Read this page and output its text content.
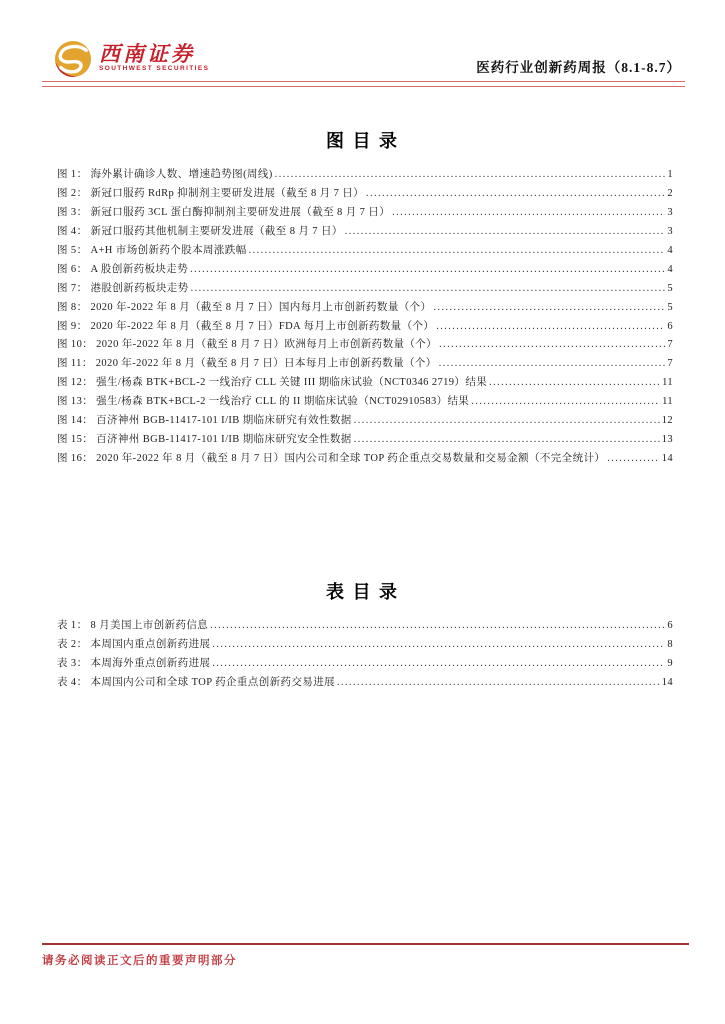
西南证券
SOUTHWEST SECURITIES	医药行业创新药周报（8.1-8.7）
图 目 录
图 1： 海外累计确诊人数、增速趋势图(周线) .....	1
图 2： 新冠口服药 RdRp 抑制剂主要研发进展（截至 8 月 7 日） .....	2
图 3： 新冠口服药 3CL 蛋白酶抑制剂主要研发进展（截至 8 月 7 日） .....	3
图 4： 新冠口服药其他机制主要研发进展（截至 8 月 7 日） .....	3
图 5： A+H 市场创新药个股本周涨跌幅 .....	4
图 6： A 股创新药板块走势 .....	4
图 7： 港股创新药板块走势 .....	5
图 8： 2020 年-2022 年 8 月（截至 8 月 7 日）国内每月上市创新药数量（个） .....	5
图 9： 2020 年-2022 年 8 月（截至 8 月 7 日）FDA 每月上市创新药数量（个） .....	6
图 10： 2020 年-2022 年 8 月（截至 8 月 7 日）欧洲每月上市创新药数量（个） .....	7
图 11： 2020 年-2022 年 8 月（截至 8 月 7 日）日本每月上市创新药数量（个） .....	7
图 12： 强生/杨森 BTK+BCL-2 一线治疗 CLL 关键 III 期临床试验（NCT0346 2719）结果 .....	11
图 13： 强生/杨森 BTK+BCL-2 一线治疗 CLL 的 II 期临床试验（NCT02910583）结果 .....	11
图 14： 百济神州 BGB-11417-101 I/IB 期临床研究有效性数据 .....	12
图 15： 百济神州 BGB-11417-101 I/IB 期临床研究安全性数据 .....	13
图 16： 2020 年-2022 年 8 月（截至 8 月 7 日）国内公司和全球 TOP 药企重点交易数量和交易金额（不完全统计） .....	14
表 目 录
表 1： 8 月美国上市创新药信息 .....	6
表 2： 本周国内重点创新药进展 .....	8
表 3： 本周海外重点创新药进展 .....	9
表 4： 本周国内公司和全球 TOP 药企重点创新药交易进展 .....	14
请务必阅读正文后的重要声明部分
